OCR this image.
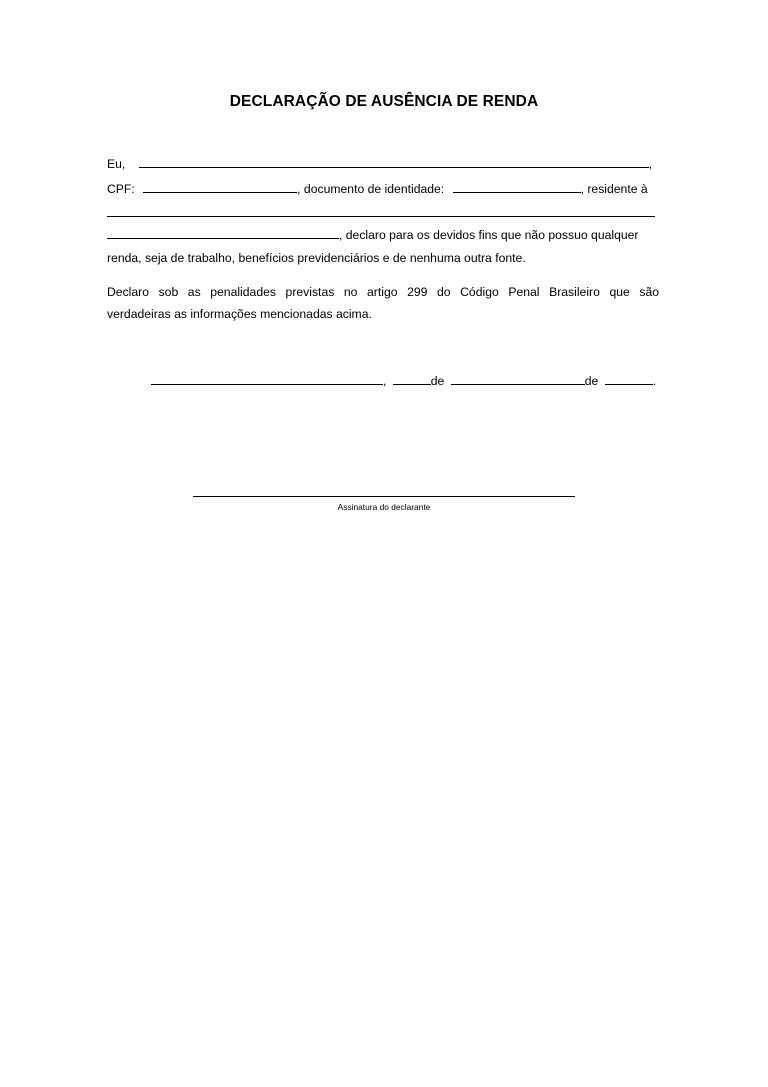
DECLARAÇÃO DE AUSÊNCIA DE RENDA
Eu,	,
CPF:	, documento de identidade:	, residente à
, declaro para os devidos fins que não possuo qualquer
renda, seja de trabalho, benefícios previdenciários e de nenhuma outra fonte.
Declaro sob as penalidades previstas no artigo 299 do Código Penal Brasileiro que são
verdadeiras as informações mencionadas acima.
,	de	de	.
Assinatura do declarante
